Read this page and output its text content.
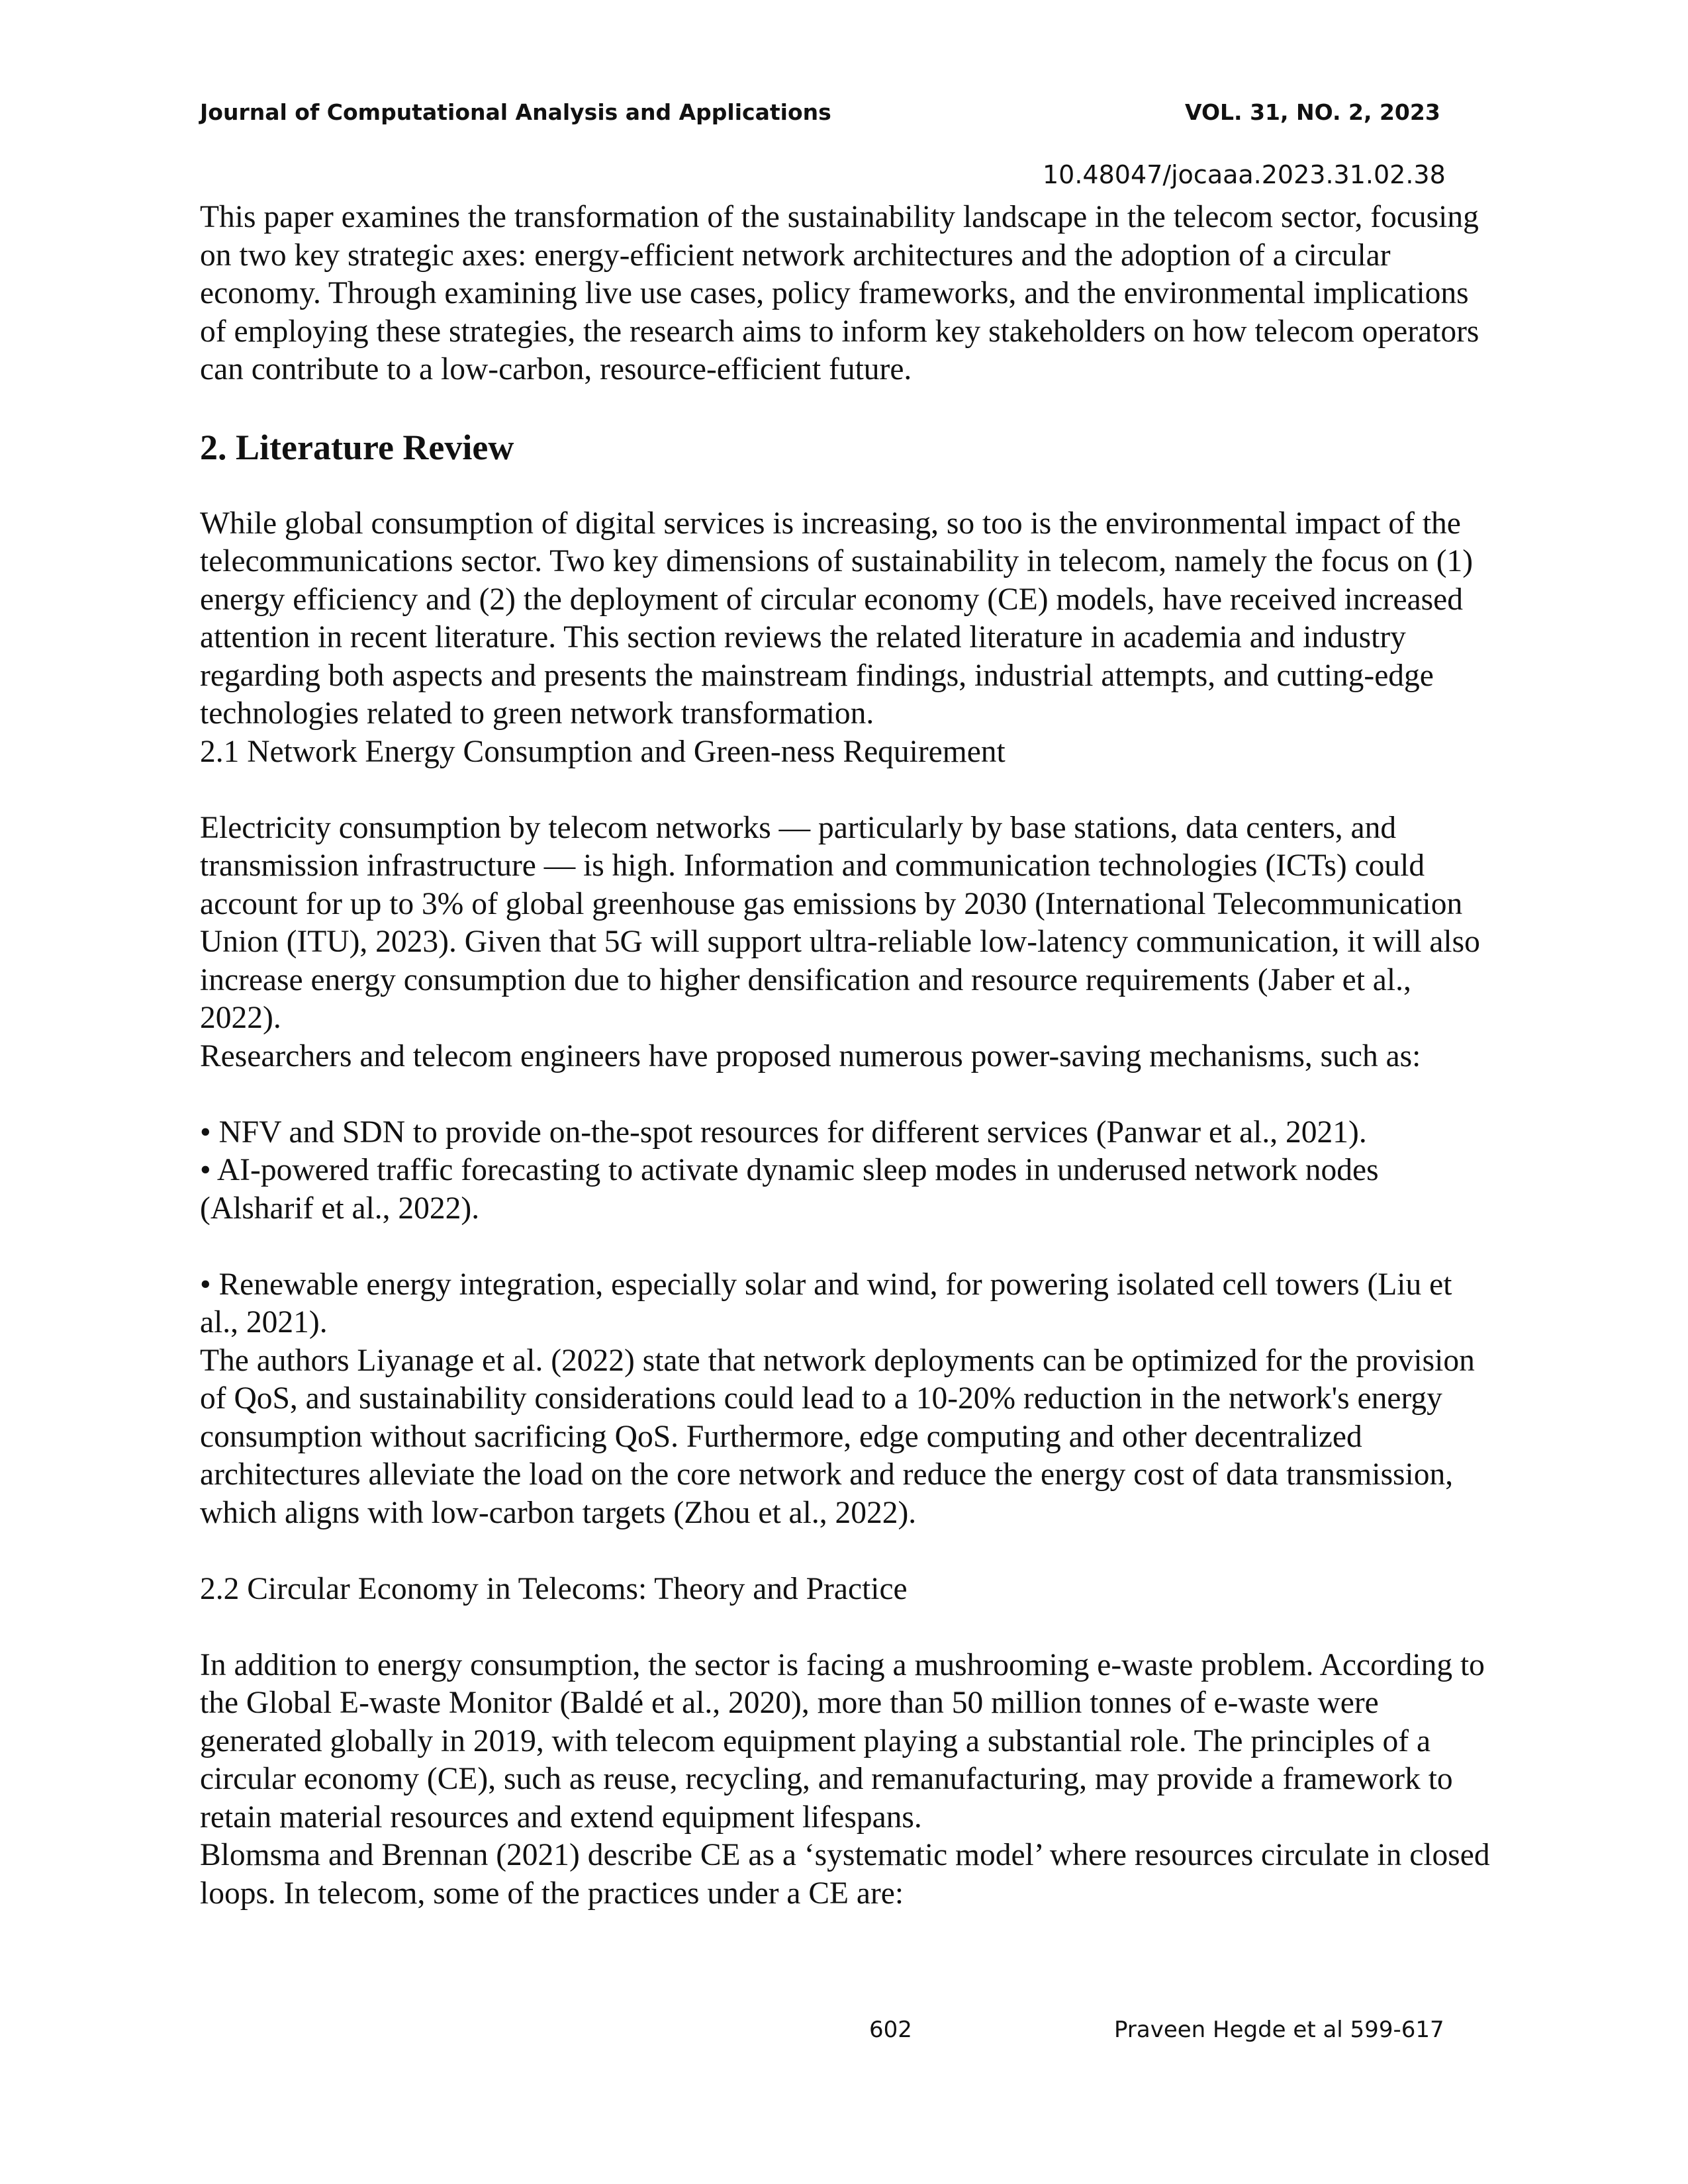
Journal of Computational Analysis and Applications	VOL. 31, NO. 2, 2023
10.48047/jocaaa.2023.31.02.38

This paper examines the transformation of the sustainability landscape in the telecom sector, focusing on two key strategic axes: energy-efficient network architectures and the adoption of a circular economy. Through examining live use cases, policy frameworks, and the environmental implications of employing these strategies, the research aims to inform key stakeholders on how telecom operators can contribute to a low-carbon, resource-efficient future.

2. Literature Review

While global consumption of digital services is increasing, so too is the environmental impact of the telecommunications sector. Two key dimensions of sustainability in telecom, namely the focus on (1) energy efficiency and (2) the deployment of circular economy (CE) models, have received increased attention in recent literature. This section reviews the related literature in academia and industry regarding both aspects and presents the mainstream findings, industrial attempts, and cutting-edge technologies related to green network transformation.

2.1 Network Energy Consumption and Green-ness Requirement

Electricity consumption by telecom networks — particularly by base stations, data centers, and transmission infrastructure — is high. Information and communication technologies (ICTs) could account for up to 3% of global greenhouse gas emissions by 2030 (International Telecommunication Union (ITU), 2023). Given that 5G will support ultra-reliable low-latency communication, it will also increase energy consumption due to higher densification and resource requirements (Jaber et al., 2022).

Researchers and telecom engineers have proposed numerous power-saving mechanisms, such as:

• NFV and SDN to provide on-the-spot resources for different services (Panwar et al., 2021).

• AI-powered traffic forecasting to activate dynamic sleep modes in underused network nodes (Alsharif et al., 2022).

• Renewable energy integration, especially solar and wind, for powering isolated cell towers (Liu et al., 2021).

The authors Liyanage et al. (2022) state that network deployments can be optimized for the provision of QoS, and sustainability considerations could lead to a 10-20% reduction in the network's energy consumption without sacrificing QoS. Furthermore, edge computing and other decentralized architectures alleviate the load on the core network and reduce the energy cost of data transmission, which aligns with low-carbon targets (Zhou et al., 2022).

2.2 Circular Economy in Telecoms: Theory and Practice

In addition to energy consumption, the sector is facing a mushrooming e-waste problem. According to the Global E-waste Monitor (Baldé et al., 2020), more than 50 million tonnes of e-waste were generated globally in 2019, with telecom equipment playing a substantial role. The principles of a circular economy (CE), such as reuse, recycling, and remanufacturing, may provide a framework to retain material resources and extend equipment lifespans.

Blomsma and Brennan (2021) describe CE as a ‘systematic model’ where resources circulate in closed loops. In telecom, some of the practices under a CE are:

602	Praveen Hegde et al 599-617
